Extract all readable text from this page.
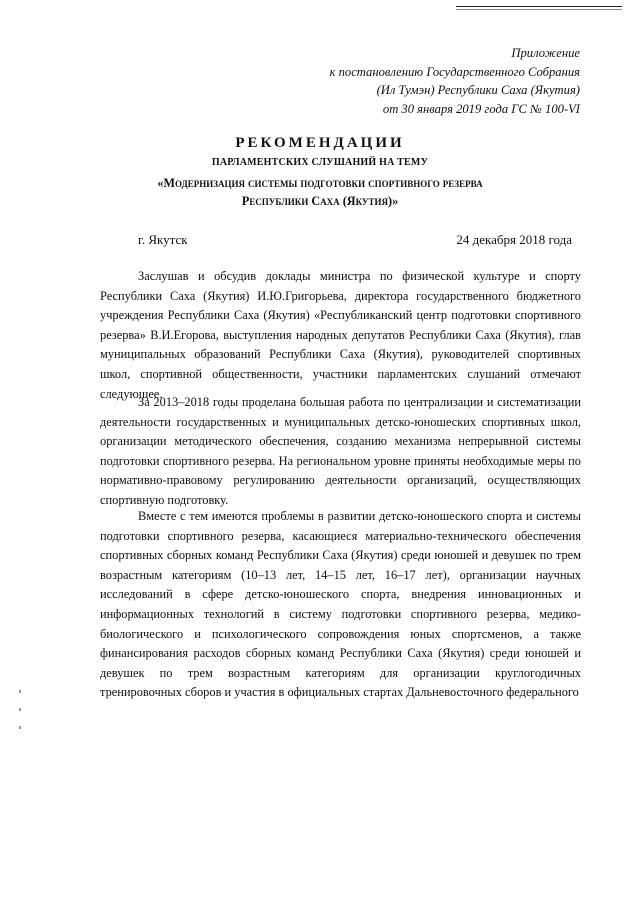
Приложение
к постановлению Государственного Собрания
(Ил Тумэн) Республики Саха (Якутия)
от 30 января 2019 года ГС № 100-VI
РЕКОМЕНДАЦИИ
ПАРЛАМЕНТСКИХ СЛУШАНИЙ НА ТЕМУ
«Модернизация системы подготовки спортивного резерва
Республики Саха (Якутия)»
г. Якутск	24 декабря 2018 года

Заслушав и обсудив доклады министра по физической культуре и спорту Республики Саха (Якутия) И.Ю.Григорьева, директора государственного бюджетного учреждения Республики Саха (Якутия) «Республиканский центр подготовки спортивного резерва» В.И.Егорова, выступления народных депутатов Республики Саха (Якутия), глав муниципальных образований Республики Саха (Якутия), руководителей спортивных школ, спортивной общественности, участники парламентских слушаний отмечают следующее.

За 2013–2018 годы проделана большая работа по централизации и систематизации деятельности государственных и муниципальных детско-юношеских спортивных школ, организации методического обеспечения, созданию механизма непрерывной системы подготовки спортивного резерва. На региональном уровне приняты необходимые меры по нормативно-правовому регулированию деятельности организаций, осуществляющих спортивную подготовку.

Вместе с тем имеются проблемы в развитии детско-юношеского спорта и системы подготовки спортивного резерва, касающиеся материально-технического обеспечения спортивных сборных команд Республики Саха (Якутия) среди юношей и девушек по трем возрастным категориям (10–13 лет, 14–15 лет, 16–17 лет), организации научных исследований в сфере детско-юношеского спорта, внедрения инновационных и информационных технологий в систему подготовки спортивного резерва, медико-биологического и психологического сопровождения юных спортсменов, а также финансирования расходов сборных команд Республики Саха (Якутия) среди юношей и девушек по трем возрастным категориям для организации круглогодичных тренировочных сборов и участия в официальных стартах Дальневосточного федерального
